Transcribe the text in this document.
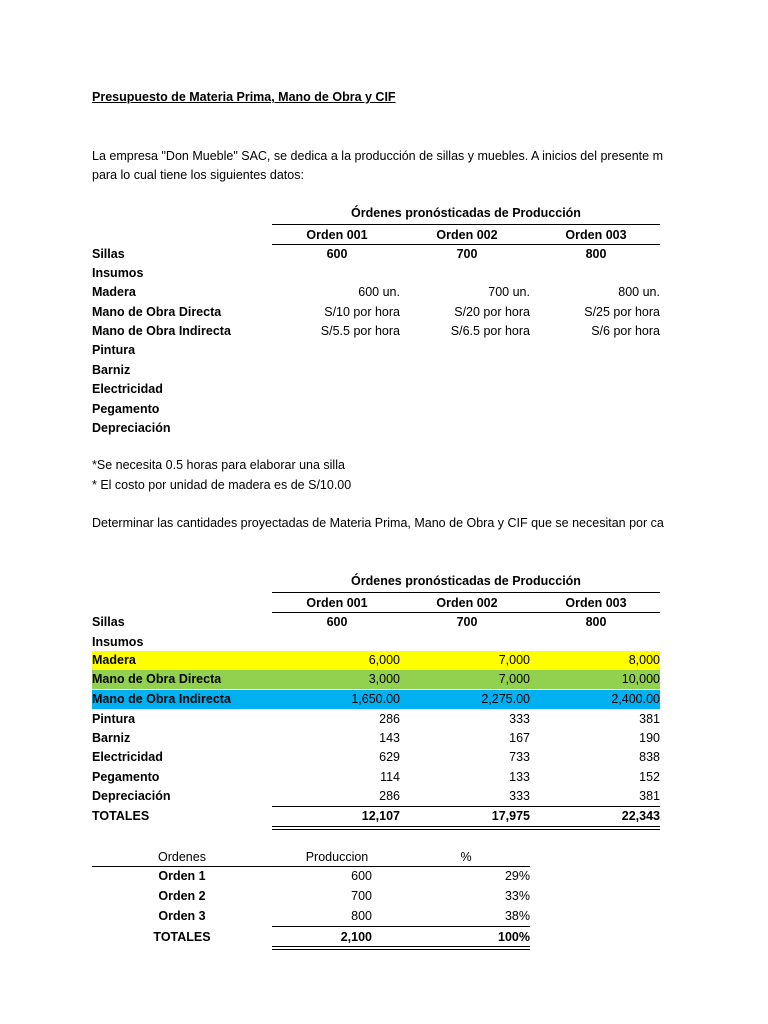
Presupuesto de Materia Prima, Mano de Obra y CIF
La empresa "Don Mueble" SAC, se dedica a la producción de sillas y muebles. A inicios del presente m
para lo cual tiene los siguientes datos:
Órdenes pronósticadas de Producción
Orden 001	Orden 002	Orden 003
Sillas	600	700	800
Insumos
Madera	600 un.	700 un.	800 un.
Mano de Obra Directa	S/10 por hora	S/20 por hora	S/25 por hora
Mano de Obra Indirecta	S/5.5 por hora	S/6.5 por hora	S/6 por hora
Pintura
Barniz
Electricidad
Pegamento
Depreciación
*Se necesita 0.5 horas para elaborar una silla
* El costo por unidad de madera es de S/10.00
Determinar las cantidades proyectadas de Materia Prima, Mano de Obra y CIF que se necesitan por ca
Órdenes pronósticadas de Producción
Orden 001	Orden 002	Orden 003
Sillas	600	700	800
Insumos
Madera	6,000	7,000	8,000
Mano de Obra Directa	3,000	7,000	10,000
Mano de Obra Indirecta	1,650.00	2,275.00	2,400.00
Pintura	286	333	381
Barniz	143	167	190
Electricidad	629	733	838
Pegamento	114	133	152
Depreciación	286	333	381
TOTALES	12,107	17,975	22,343
Ordenes	Produccion	%
Orden 1	600	29%
Orden 2	700	33%
Orden 3	800	38%
TOTALES	2,100	100%
